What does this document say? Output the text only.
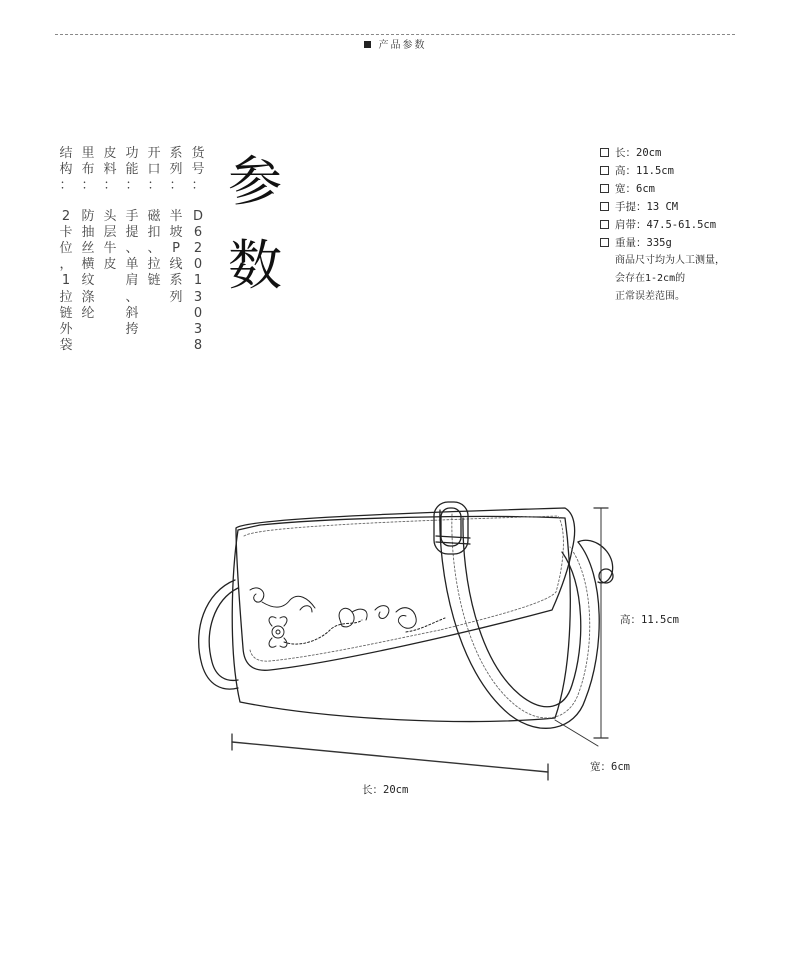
产品参数
结
构
：
2
卡
位
，
1
拉
链
外
袋
里
布
：
防
抽
丝
横
纹
涤
纶
皮
料
：
头
层
牛
皮
功
能
：
手
提
、
单
肩
、
斜
挎
开
口
：
磁
扣
、
拉
链
系
列
：
半
坡
P
线
系
列
货
号
：
D
6
2
0
1
3
0
3
8
参
数
长：20cm
高：11.5cm
宽：6cm
手提：13 CM
肩带：47.5-61.5cm
重量：335g
商品尺寸均为人工测量，
会存在1-2cm的
正常误差范围。
高：11.5cm
宽：6cm
长：20cm
